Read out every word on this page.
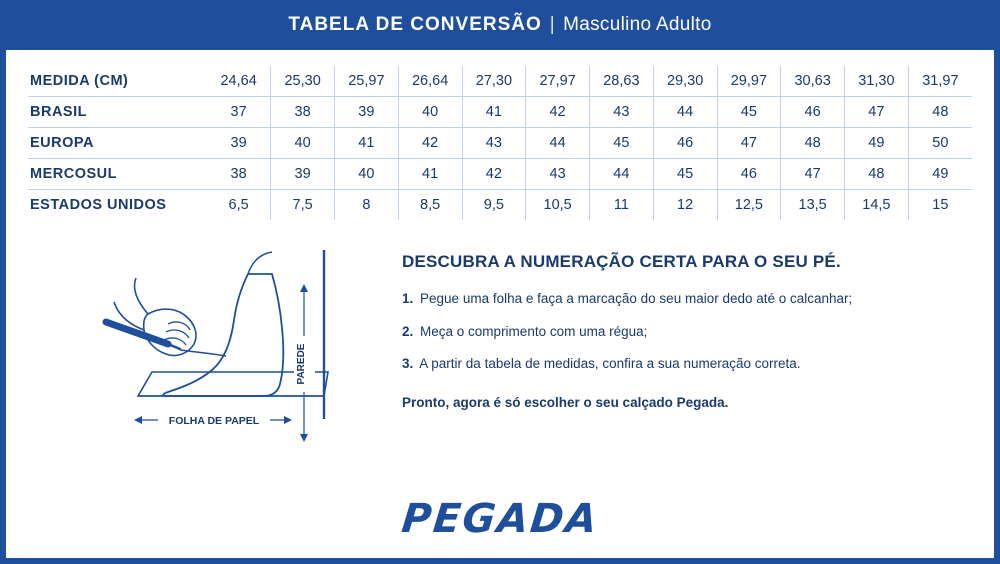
TABELA DE CONVERSÃO | Masculino Adulto
MEDIDA (CM)	24,64	25,30	25,97	26,64	27,30	27,97	28,63	29,30	29,97	30,63	31,30	31,97
BRASIL	37	38	39	40	41	42	43	44	45	46	47	48
EUROPA	39	40	41	42	43	44	45	46	47	48	49	50
MERCOSUL	38	39	40	41	42	43	44	45	46	47	48	49
ESTADOS UNIDOS	6,5	7,5	8	8,5	9,5	10,5	11	12	12,5	13,5	14,5	15
PAREDE
FOLHA DE PAPEL
DESCUBRA A NUMERAÇÃO CERTA PARA O SEU PÉ.
1. Pegue uma folha e faça a marcação do seu maior dedo até o calcanhar;
2. Meça o comprimento com uma régua;
3. A partir da tabela de medidas, confira a sua numeração correta.
Pronto, agora é só escolher o seu calçado Pegada.
PEGADA
